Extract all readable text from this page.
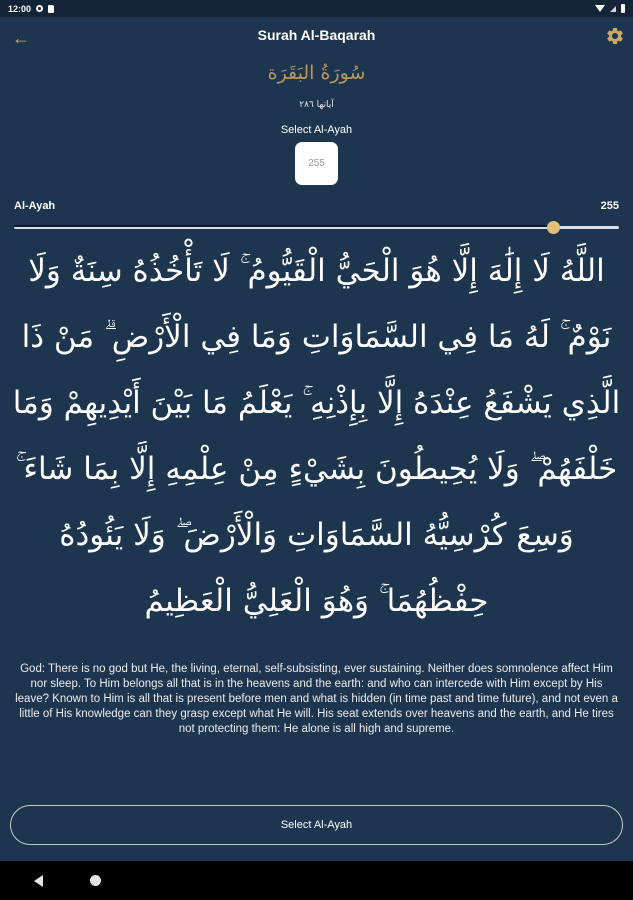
12:00
←	Surah Al-Baqarah
سُورَةُ البَقَرَة
آياتها ٢٨٦
Select Al-Ayah
255
Al-Ayah	255
اللَّهُ لَا إِلَٰهَ إِلَّا هُوَ الْحَيُّ الْقَيُّومُ ۚ لَا تَأْخُذُهُ سِنَةٌ وَلَا نَوْمٌ ۚ لَهُ مَا فِي السَّمَاوَاتِ وَمَا فِي الْأَرْضِ ۗ مَنْ ذَا الَّذِي يَشْفَعُ عِنْدَهُ إِلَّا بِإِذْنِهِ ۚ يَعْلَمُ مَا بَيْنَ أَيْدِيهِمْ وَمَا خَلْفَهُمْ ۖ وَلَا يُحِيطُونَ بِشَيْءٍ مِنْ عِلْمِهِ إِلَّا بِمَا شَاءَ ۚ وَسِعَ كُرْسِيُّهُ السَّمَاوَاتِ وَالْأَرْضَ ۖ وَلَا يَئُودُهُ حِفْظُهُمَا ۚ وَهُوَ الْعَلِيُّ الْعَظِيمُ
God: There is no god but He, the living, eternal, self-subsisting, ever sustaining. Neither does somnolence affect Him nor sleep. To Him belongs all that is in the heavens and the earth: and who can intercede with Him except by His leave? Known to Him is all that is present before men and what is hidden (in time past and time future), and not even a little of His knowledge can they grasp except what He will. His seat extends over heavens and the earth, and He tires not protecting them: He alone is all high and supreme.
Select Al-Ayah
